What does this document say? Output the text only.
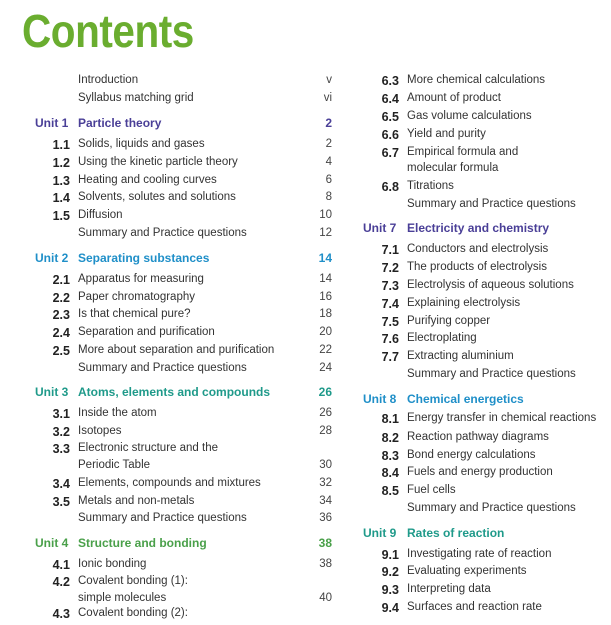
Contents
Introduction	v
Syllabus matching grid	vi
Unit 1 Particle theory	2
1.1 Solids, liquids and gases	2
1.2 Using the kinetic particle theory	4
1.3 Heating and cooling curves	6
1.4 Solvents, solutes and solutions	8
1.5 Diffusion	10
Summary and Practice questions	12
Unit 2 Separating substances	14
2.1 Apparatus for measuring	14
2.2 Paper chromatography	16
2.3 Is that chemical pure?	18
2.4 Separation and purification	20
2.5 More about separation and purification	22
Summary and Practice questions	24
Unit 3 Atoms, elements and compounds	26
3.1 Inside the atom	26
3.2 Isotopes	28
3.3 Electronic structure and the
Periodic Table	30
3.4 Elements, compounds and mixtures	32
3.5 Metals and non-metals	34
Summary and Practice questions	36
Unit 4 Structure and bonding	38
4.1 Ionic bonding	38
4.2 Covalent bonding (1):
simple molecules	40
4.3 Covalent bonding (2):
6.3 More chemical calculations
6.4 Amount of product
6.5 Gas volume calculations
6.6 Yield and purity
6.7 Empirical formula and
molecular formula
6.8 Titrations
Summary and Practice questions
Unit 7 Electricity and chemistry
7.1 Conductors and electrolysis
7.2 The products of electrolysis
7.3 Electrolysis of aqueous solutions
7.4 Explaining electrolysis
7.5 Purifying copper
7.6 Electroplating
7.7 Extracting aluminium
Summary and Practice questions
Unit 8 Chemical energetics
8.1 Energy transfer in chemical reactions
8.2 Reaction pathway diagrams
8.3 Bond energy calculations
8.4 Fuels and energy production
8.5 Fuel cells
Summary and Practice questions
Unit 9 Rates of reaction
9.1 Investigating rate of reaction
9.2 Evaluating experiments
9.3 Interpreting data
9.4 Surfaces and reaction rate
